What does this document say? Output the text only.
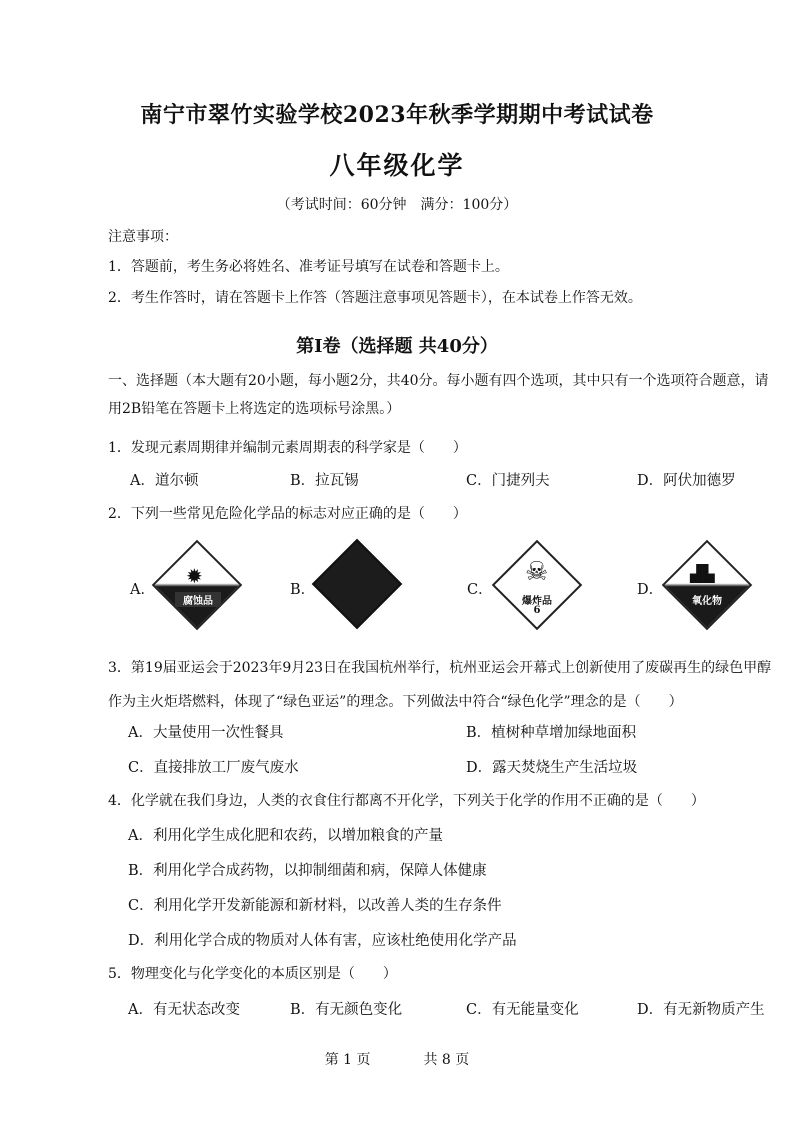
南宁市翠竹实验学校2023年秋季学期期中考试试卷
八年级化学
（考试时间：60分钟　满分：100分）
注意事项：
1．答题前，考生务必将姓名、准考证号填写在试卷和答题卡上。
2．考生作答时，请在答题卡上作答（答题注意事项见答题卡），在本试卷上作答无效。
第Ⅰ卷（选择题 共40分）
一、选择题（本大题有20小题，每小题2分，共40分。每小题有四个选项，其中只有一个选项符合题意，请用2B铅笔在答题卡上将选定的选项标号涂黑。）
1．发现元素周期律并编制元素周期表的科学家是（　　）
A．道尔顿	B．拉瓦锡	C．门捷列夫	D．阿伏加德罗
2．下列一些常见危险化学品的标志对应正确的是（　　）
A．
✹
腐蚀品
B．	C．
☠
爆炸品
6
D．
▟▙
氧化物
3．第19届亚运会于2023年9月23日在我国杭州举行，杭州亚运会开幕式上创新使用了废碳再生的绿色甲醇作为主火炬塔燃料，体现了“绿色亚运”的理念。下列做法中符合“绿色化学”理念的是（　　）
A．大量使用一次性餐具	B．植树种草增加绿地面积
C．直接排放工厂废气废水	D．露天焚烧生产生活垃圾
4．化学就在我们身边，人类的衣食住行都离不开化学，下列关于化学的作用不正确的是（　　）
A．利用化学生成化肥和农药，以增加粮食的产量
B．利用化学合成药物，以抑制细菌和病，保障人体健康
C．利用化学开发新能源和新材料，以改善人类的生存条件
D．利用化学合成的物质对人体有害，应该杜绝使用化学产品
5．物理变化与化学变化的本质区别是（　　）
A．有无状态改变	B．有无颜色变化	C．有无能量变化	D．有无新物质产生
第 1 页	共 8 页
